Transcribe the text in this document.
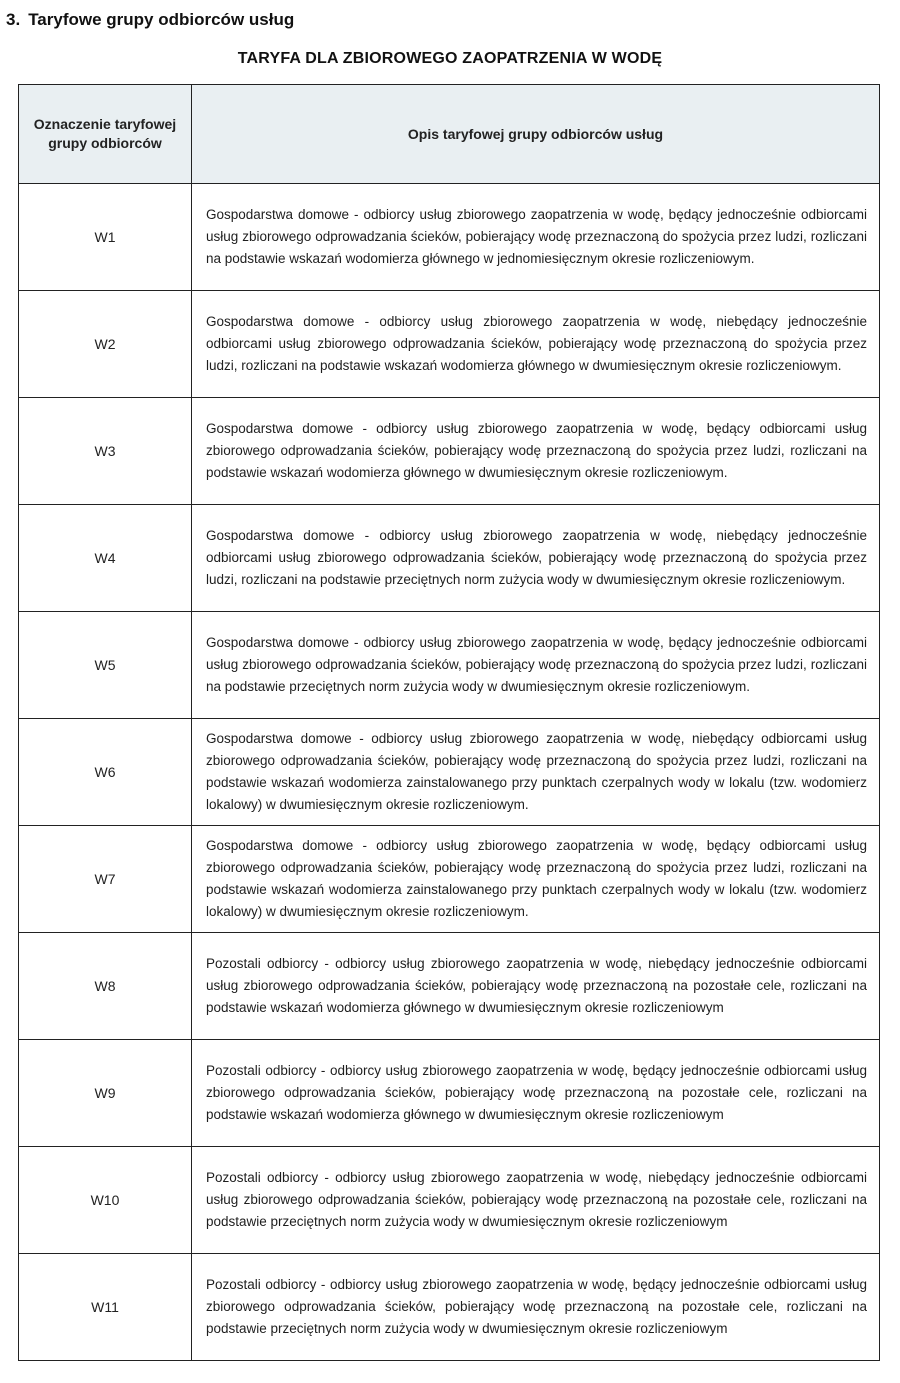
3. Taryfowe grupy odbiorców usług
TARYFA DLA ZBIOROWEGO ZAOPATRZENIA W WODĘ
Oznaczenie taryfowej grupy odbiorców	Opis taryfowej grupy odbiorców usług
W1	Gospodarstwa domowe - odbiorcy usług zbiorowego zaopatrzenia w wodę, będący jednocześnie odbiorcami usług zbiorowego odprowadzania ścieków, pobierający wodę przeznaczoną do spożycia przez ludzi, rozliczani na podstawie wskazań wodomierza głównego w jednomiesięcznym okresie rozliczeniowym.
W2	Gospodarstwa domowe - odbiorcy usług zbiorowego zaopatrzenia w wodę, niebędący jednocześnie odbiorcami usług zbiorowego odprowadzania ścieków, pobierający wodę przeznaczoną do spożycia przez ludzi, rozliczani na podstawie wskazań wodomierza głównego w dwumiesięcznym okresie rozliczeniowym.
W3	Gospodarstwa domowe - odbiorcy usług zbiorowego zaopatrzenia w wodę, będący odbiorcami usług zbiorowego odprowadzania ścieków, pobierający wodę przeznaczoną do spożycia przez ludzi, rozliczani na podstawie wskazań wodomierza głównego w dwumiesięcznym okresie rozliczeniowym.
W4	Gospodarstwa domowe - odbiorcy usług zbiorowego zaopatrzenia w wodę, niebędący jednocześnie odbiorcami usług zbiorowego odprowadzania ścieków, pobierający wodę przeznaczoną do spożycia przez ludzi, rozliczani na podstawie przeciętnych norm zużycia wody w dwumiesięcznym okresie rozliczeniowym.
W5	Gospodarstwa domowe - odbiorcy usług zbiorowego zaopatrzenia w wodę, będący jednocześnie odbiorcami usług zbiorowego odprowadzania ścieków, pobierający wodę przeznaczoną do spożycia przez ludzi, rozliczani na podstawie przeciętnych norm zużycia wody w dwumiesięcznym okresie rozliczeniowym.
W6	Gospodarstwa domowe - odbiorcy usług zbiorowego zaopatrzenia w wodę, niebędący odbiorcami usług zbiorowego odprowadzania ścieków, pobierający wodę przeznaczoną do spożycia przez ludzi, rozliczani na podstawie wskazań wodomierza zainstalowanego przy punktach czerpalnych wody w lokalu (tzw. wodomierz lokalowy) w dwumiesięcznym okresie rozliczeniowym.
W7	Gospodarstwa domowe - odbiorcy usług zbiorowego zaopatrzenia w wodę, będący odbiorcami usług zbiorowego odprowadzania ścieków, pobierający wodę przeznaczoną do spożycia przez ludzi, rozliczani na podstawie wskazań wodomierza zainstalowanego przy punktach czerpalnych wody w lokalu (tzw. wodomierz lokalowy) w dwumiesięcznym okresie rozliczeniowym.
W8	Pozostali odbiorcy - odbiorcy usług zbiorowego zaopatrzenia w wodę, niebędący jednocześnie odbiorcami usług zbiorowego odprowadzania ścieków, pobierający wodę przeznaczoną na pozostałe cele, rozliczani na podstawie wskazań wodomierza głównego w dwumiesięcznym okresie rozliczeniowym
W9	Pozostali odbiorcy - odbiorcy usług zbiorowego zaopatrzenia w wodę, będący jednocześnie odbiorcami usług zbiorowego odprowadzania ścieków, pobierający wodę przeznaczoną na pozostałe cele, rozliczani na podstawie wskazań wodomierza głównego w dwumiesięcznym okresie rozliczeniowym
W10	Pozostali odbiorcy - odbiorcy usług zbiorowego zaopatrzenia w wodę, niebędący jednocześnie odbiorcami usług zbiorowego odprowadzania ścieków, pobierający wodę przeznaczoną na pozostałe cele, rozliczani na podstawie przeciętnych norm zużycia wody w dwumiesięcznym okresie rozliczeniowym
W11	Pozostali odbiorcy - odbiorcy usług zbiorowego zaopatrzenia w wodę, będący jednocześnie odbiorcami usług zbiorowego odprowadzania ścieków, pobierający wodę przeznaczoną na pozostałe cele, rozliczani na podstawie przeciętnych norm zużycia wody w dwumiesięcznym okresie rozliczeniowym
